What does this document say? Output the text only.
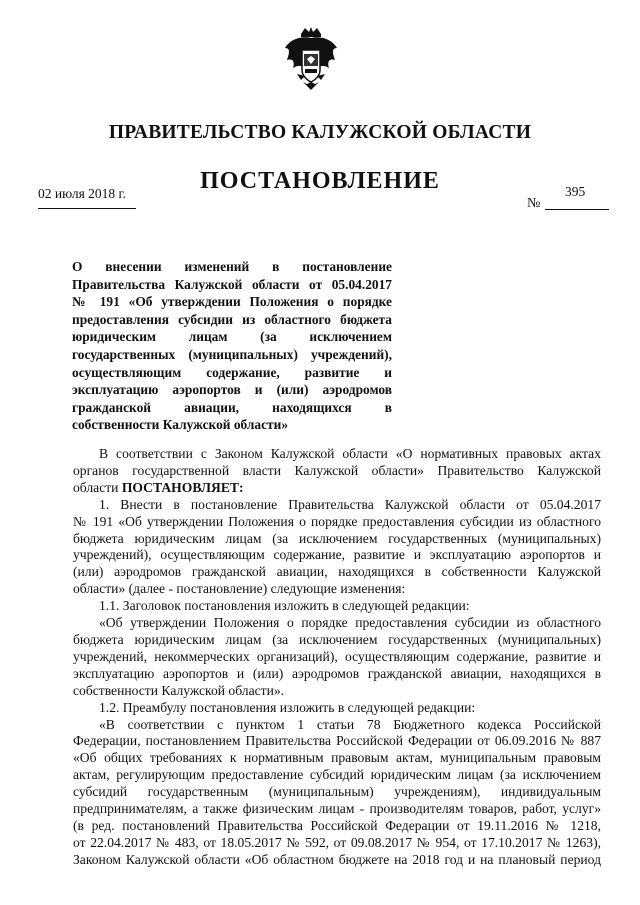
ПРАВИТЕЛЬСТВО КАЛУЖСКОЙ ОБЛАСТИ
ПОСТАНОВЛЕНИЕ
02 июля 2018 г.
№
395
О внесении изменений в постановление
Правительства Калужской области от 05.04.2017
№ 191 «Об утверждении Положения о порядке
предоставления субсидии из областного бюджета
юридическим лицам (за исключением
государственных (муниципальных) учреждений),
осуществляющим содержание, развитие и
эксплуатацию аэропортов и (или) аэродромов
гражданской авиации, находящихся в
собственности Калужской области»
В соответствии с Законом Калужской области «О нормативных правовых актах
органов государственной власти Калужской области» Правительство Калужской
области ПОСТАНОВЛЯЕТ:
1. Внести в постановление Правительства Калужской области от 05.04.2017
№ 191 «Об утверждении Положения о порядке предоставления субсидии из областного
бюджета юридическим лицам (за исключением государственных (муниципальных)
учреждений), осуществляющим содержание, развитие и эксплуатацию аэропортов и
(или) аэродромов гражданской авиации, находящихся в собственности Калужской
области» (далее - постановление) следующие изменения:
1.1. Заголовок постановления изложить в следующей редакции:
«Об утверждении Положения о порядке предоставления субсидии из областного
бюджета юридическим лицам (за исключением государственных (муниципальных)
учреждений, некоммерческих организаций), осуществляющим содержание, развитие и
эксплуатацию аэропортов и (или) аэродромов гражданской авиации, находящихся в
собственности Калужской области».
1.2. Преамбулу постановления изложить в следующей редакции:
«В соответствии с пунктом 1 статьи 78 Бюджетного кодекса Российской
Федерации, постановлением Правительства Российской Федерации от 06.09.2016 № 887
«Об общих требованиях к нормативным правовым актам, муниципальным правовым
актам, регулирующим предоставление субсидий юридическим лицам (за исключением
субсидий государственным (муниципальным) учреждениям), индивидуальным
предпринимателям, а также физическим лицам - производителям товаров, работ, услуг»
(в ред. постановлений Правительства Российской Федерации от 19.11.2016 № 1218,
от 22.04.2017 № 483, от 18.05.2017 № 592, от 09.08.2017 № 954, от 17.10.2017 № 1263),
Законом Калужской области «Об областном бюджете на 2018 год и на плановый период
